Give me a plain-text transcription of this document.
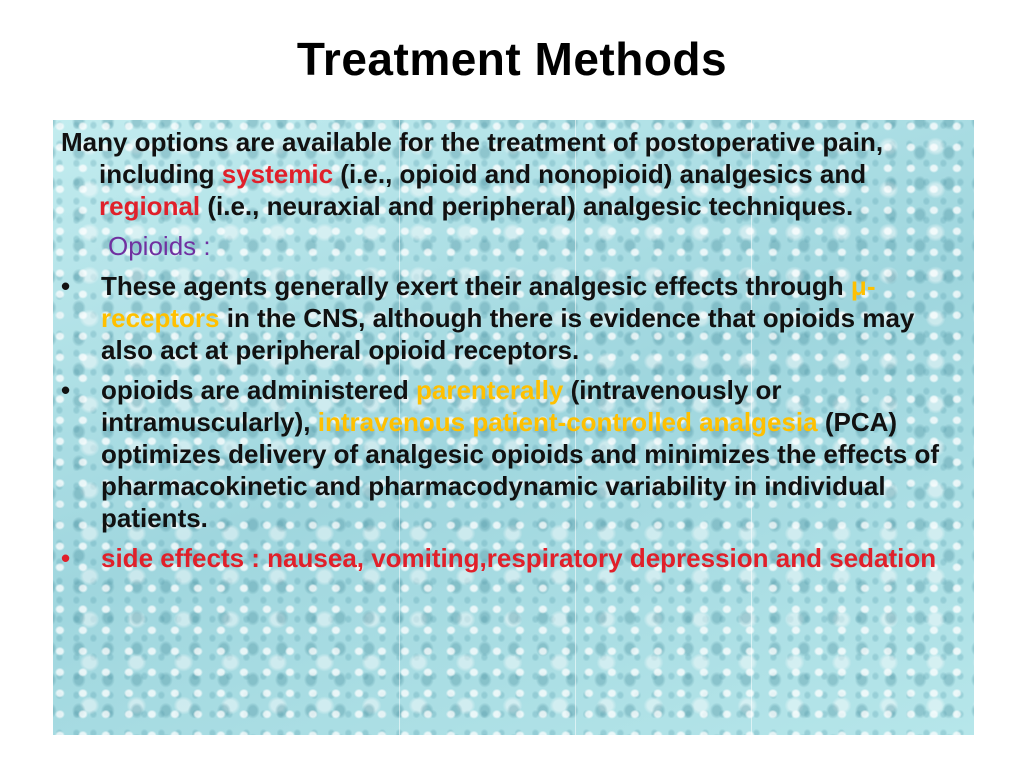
Treatment Methods

Many options are available for the treatment of postoperative pain, including systemic (i.e., opioid and nonopioid) analgesics and regional (i.e., neuraxial and peripheral) analgesic techniques.

Opioids :

• These agents generally exert their analgesic effects through μ-receptors in the CNS, although there is evidence that opioids may also act at peripheral opioid receptors.
• opioids are administered parenterally (intravenously or intramuscularly), intravenous patient-controlled analgesia (PCA) optimizes delivery of analgesic opioids and minimizes the effects of pharmacokinetic and pharmacodynamic variability in individual patients.
• side effects : nausea, vomiting,respiratory depression and sedation
